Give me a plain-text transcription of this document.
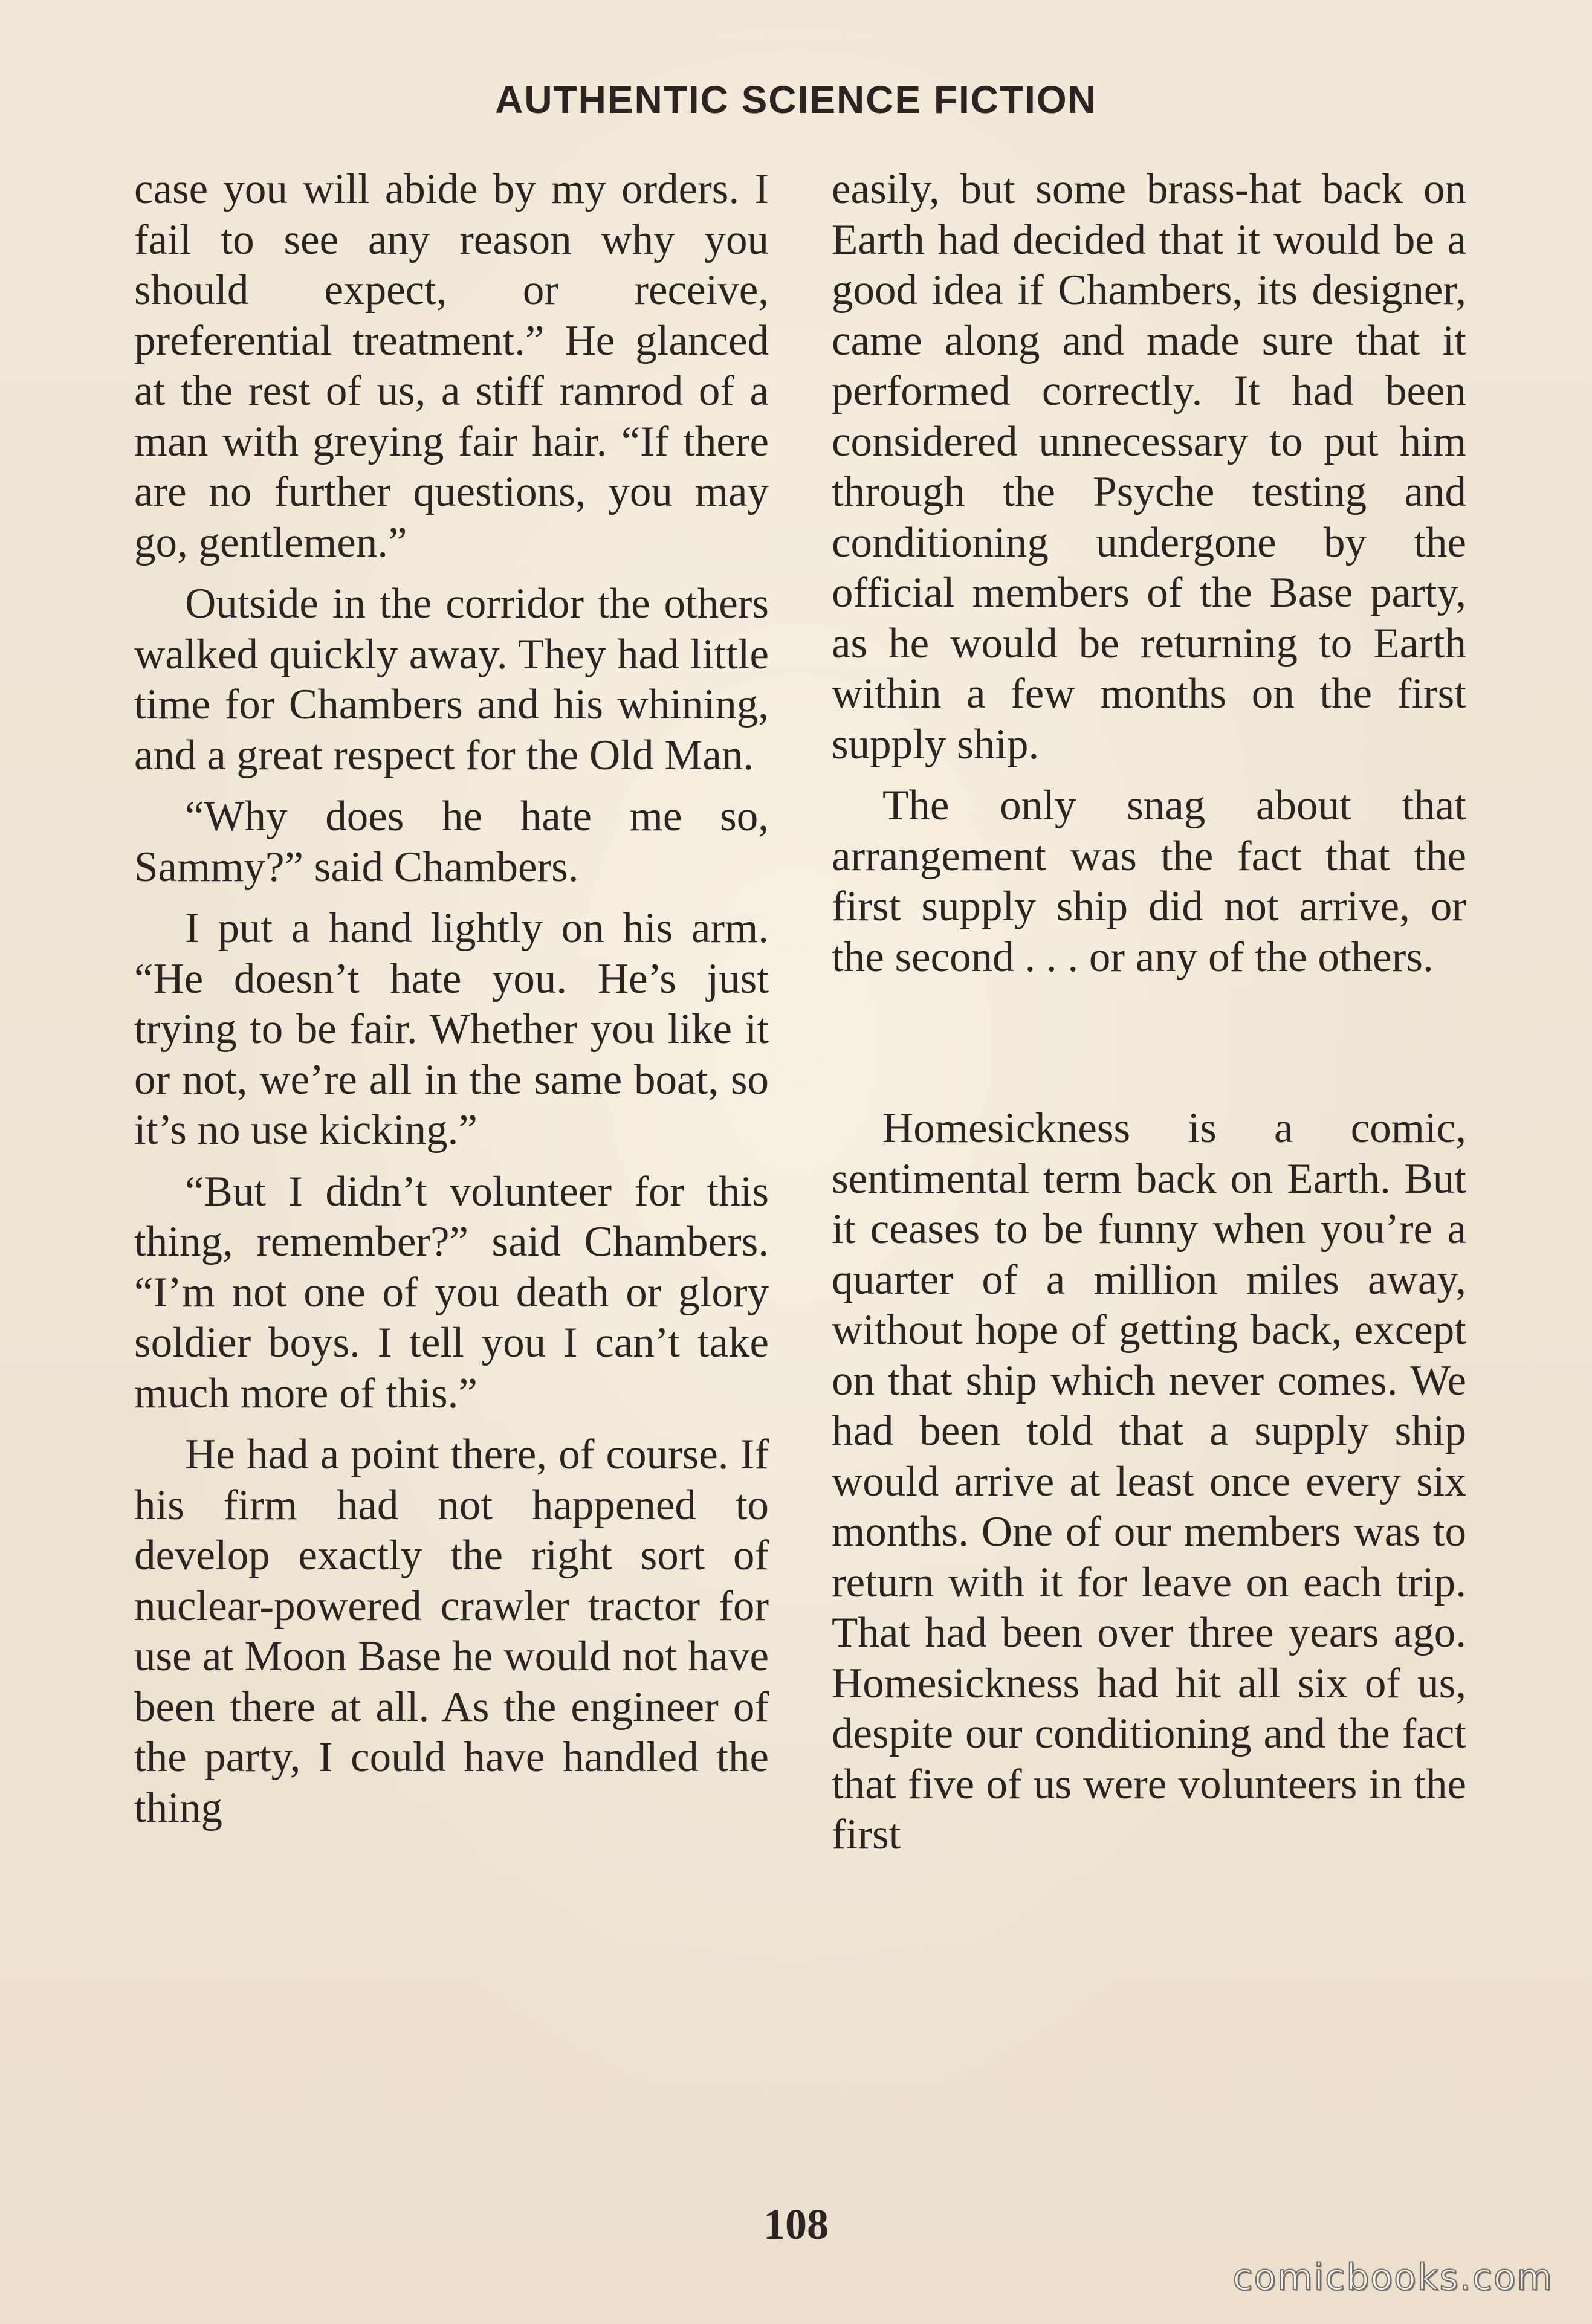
AUTHENTIC SCIENCE FICTION

case you will abide by my orders. I fail to see any reason why you should expect, or receive, preferential treatment.” He glanced at the rest of us, a stiff ramrod of a man with greying fair hair. “If there are no further questions, you may go, gentlemen.”

Outside in the corridor the others walked quickly away. They had little time for Chambers and his whining, and a great respect for the Old Man.

“Why does he hate me so, Sammy?” said Chambers.

I put a hand lightly on his arm. “He doesn’t hate you. He’s just trying to be fair. Whether you like it or not, we’re all in the same boat, so it’s no use kicking.”

“But I didn’t volunteer for this thing, remember?” said Chambers. “I’m not one of you death or glory soldier boys. I tell you I can’t take much more of this.”

He had a point there, of course. If his firm had not happened to develop exactly the right sort of nuclear-powered crawler tractor for use at Moon Base he would not have been there at all. As the engineer of the party, I could have handled the thing

easily, but some brass-hat back on Earth had decided that it would be a good idea if Chambers, its designer, came along and made sure that it performed correctly. It had been considered unnecessary to put him through the Psyche testing and conditioning undergone by the official members of the Base party, as he would be returning to Earth within a few months on the first supply ship.

The only snag about that arrangement was the fact that the first supply ship did not arrive, or the second . . . or any of the others.

Homesickness is a comic, sentimental term back on Earth. But it ceases to be funny when you’re a quarter of a million miles away, without hope of getting back, except on that ship which never comes. We had been told that a supply ship would arrive at least once every six months. One of our members was to return with it for leave on each trip. That had been over three years ago. Homesickness had hit all six of us, despite our conditioning and the fact that five of us were volunteers in the first

108
comicbooks.com
